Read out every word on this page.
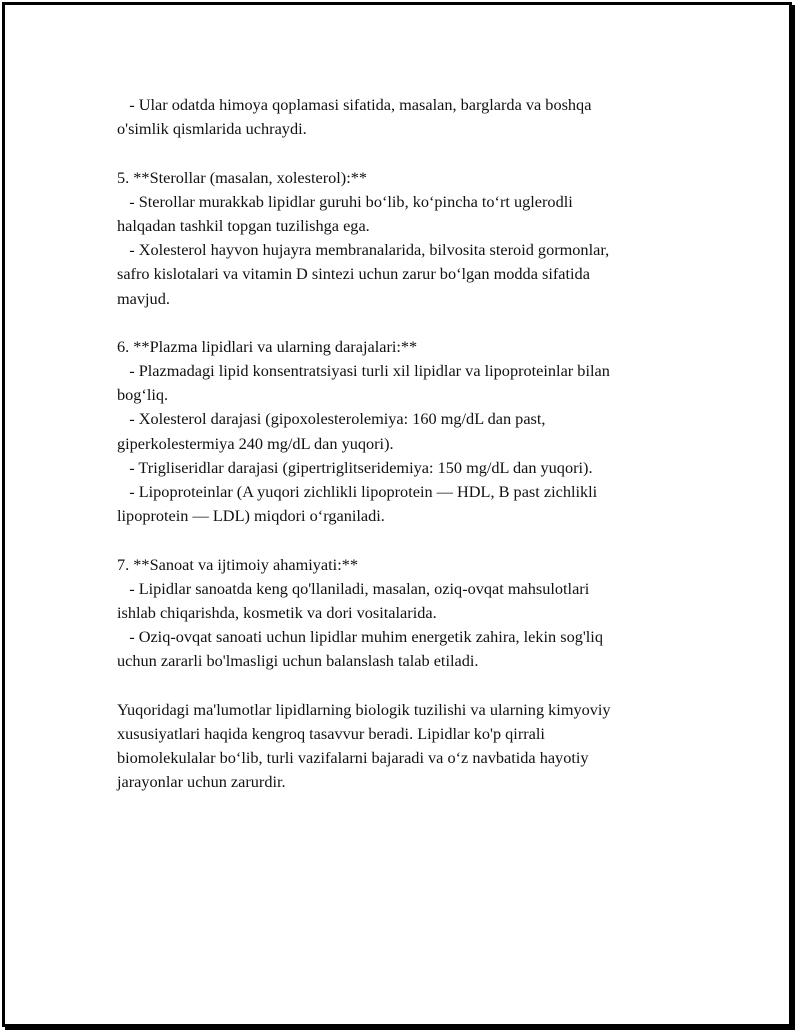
- Ular odatda himoya qoplamasi sifatida, masalan, barglarda va boshqa
o'simlik qismlarida uchraydi.
5. **Sterollar (masalan, xolesterol):**
- Sterollar murakkab lipidlar guruhi bo‘lib, ko‘pincha to‘rt uglerodli
halqadan tashkil topgan tuzilishga ega.
- Xolesterol hayvon hujayra membranalarida, bilvosita steroid gormonlar,
safro kislotalari va vitamin D sintezi uchun zarur bo‘lgan modda sifatida
mavjud.
6. **Plazma lipidlari va ularning darajalari:**
- Plazmadagi lipid konsentratsiyasi turli xil lipidlar va lipoproteinlar bilan
bog‘liq.
- Xolesterol darajasi (gipoxolesterolemiya: 160 mg/dL dan past,
giperkolestermiya 240 mg/dL dan yuqori).
- Trigliseridlar darajasi (gipertriglitseridemiya: 150 mg/dL dan yuqori).
- Lipoproteinlar (A yuqori zichlikli lipoprotein — HDL, B past zichlikli
lipoprotein — LDL) miqdori o‘rganiladi.
7. **Sanoat va ijtimoiy ahamiyati:**
- Lipidlar sanoatda keng qo'llaniladi, masalan, oziq-ovqat mahsulotlari
ishlab chiqarishda, kosmetik va dori vositalarida.
- Oziq-ovqat sanoati uchun lipidlar muhim energetik zahira, lekin sog'liq
uchun zararli bo'lmasligi uchun balanslash talab etiladi.
Yuqoridagi ma'lumotlar lipidlarning biologik tuzilishi va ularning kimyoviy
xususiyatlari haqida kengroq tasavvur beradi. Lipidlar ko'p qirrali
biomolekulalar bo‘lib, turli vazifalarni bajaradi va o‘z navbatida hayotiy
jarayonlar uchun zarurdir.
